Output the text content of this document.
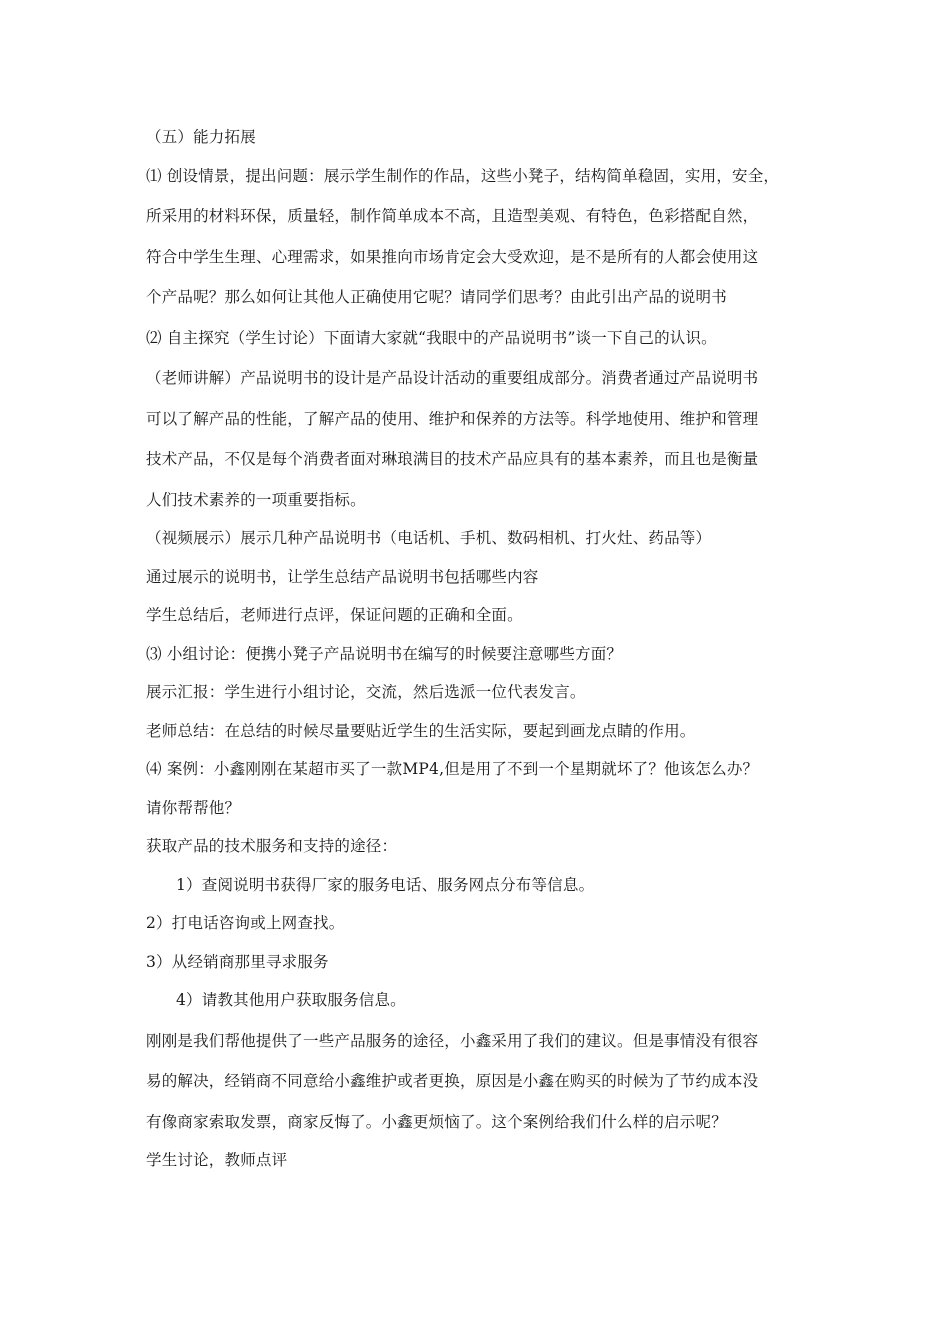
（五）能力拓展
⑴ 创设情景，提出问题：展示学生制作的作品，这些小凳子，结构简单稳固，实用，安全，
所采用的材料环保，质量轻，制作简单成本不高，且造型美观、有特色，色彩搭配自然，
符合中学生生理、心理需求，如果推向市场肯定会大受欢迎，是不是所有的人都会使用这
个产品呢？那么如何让其他人正确使用它呢？请同学们思考？由此引出产品的说明书
⑵ 自主探究（学生讨论）下面请大家就“我眼中的产品说明书”谈一下自己的认识。
（老师讲解）产品说明书的设计是产品设计活动的重要组成部分。消费者通过产品说明书
可以了解产品的性能，了解产品的使用、维护和保养的方法等。科学地使用、维护和管理
技术产品，不仅是每个消费者面对琳琅满目的技术产品应具有的基本素养，而且也是衡量
人们技术素养的一项重要指标。
（视频展示）展示几种产品说明书（电话机、手机、数码相机、打火灶、药品等）
通过展示的说明书，让学生总结产品说明书包括哪些内容
学生总结后，老师进行点评，保证问题的正确和全面。
⑶ 小组讨论：便携小凳子产品说明书在编写的时候要注意哪些方面？
展示汇报：学生进行小组讨论，交流，然后选派一位代表发言。
老师总结：在总结的时候尽量要贴近学生的生活实际，要起到画龙点睛的作用。
⑷ 案例：小鑫刚刚在某超市买了一款MP4,但是用了不到一个星期就坏了？他该怎么办？
请你帮帮他？
获取产品的技术服务和支持的途径：
1）查阅说明书获得厂家的服务电话、服务网点分布等信息。
2）打电话咨询或上网查找。
3）从经销商那里寻求服务
4）请教其他用户获取服务信息。
刚刚是我们帮他提供了一些产品服务的途径，小鑫采用了我们的建议。但是事情没有很容
易的解决，经销商不同意给小鑫维护或者更换，原因是小鑫在购买的时候为了节约成本没
有像商家索取发票，商家反悔了。小鑫更烦恼了。这个案例给我们什么样的启示呢？
学生讨论，教师点评
